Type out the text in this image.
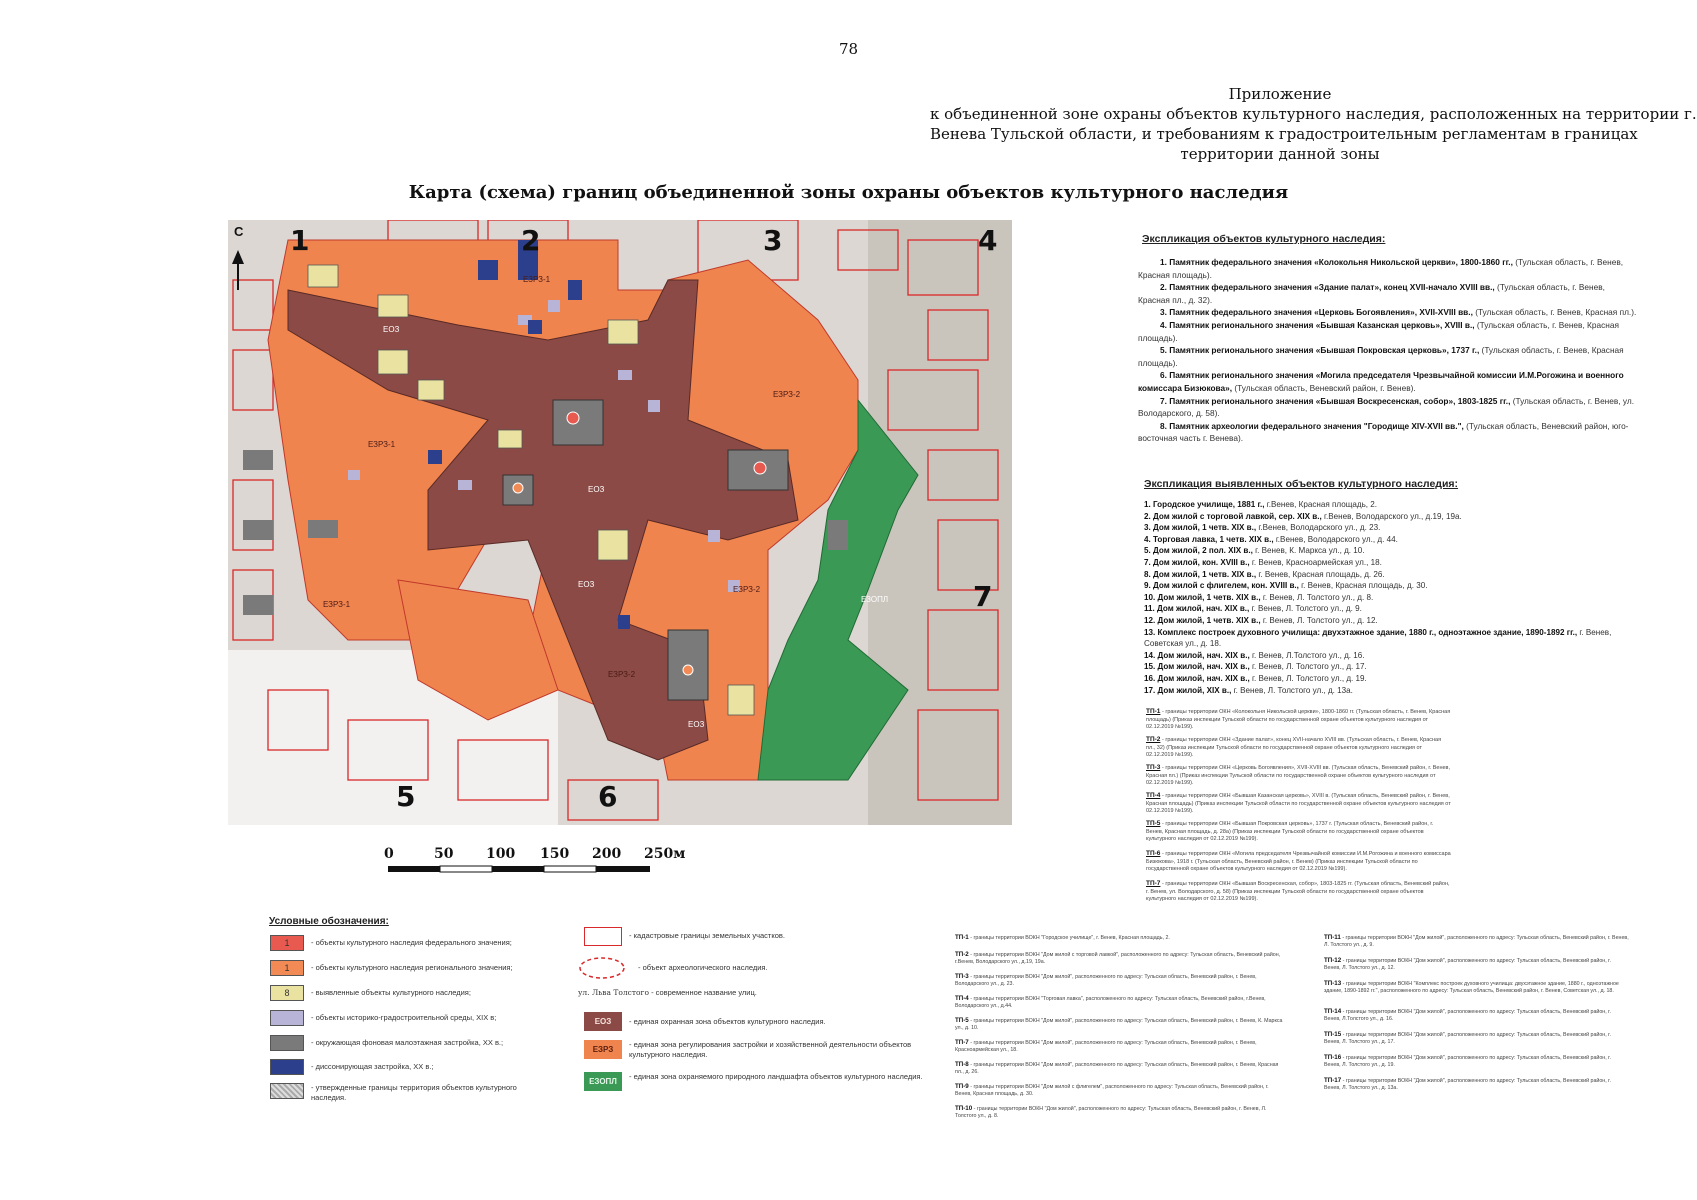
78
Приложение
к объединенной зоне охраны объектов культурного наследия, расположенных на территории г.
Венева Тульской области, и требованиям к градостроительным регламентам в границах
территории данной зоны
Карта (схема) границ объединенной зоны охраны объектов культурного наследия
С 1	2	3	4
5	6
7
ЕЗРЗ-1
ЕЗРЗ-1
ЕЗРЗ-1
ЕЗРЗ-2
ЕЗРЗ-2
ЕЗРЗ-2
ЕОЗ
ЕОЗ
ЕОЗ
ЕОЗ
ЕЗОПЛ
0	50 100 150 200 250м
Условные обозначения:
1	- объекты культурного наследия федерального значения;
1	- объекты культурного наследия регионального значения;
8	- выявленные объекты культурного наследия;
- объекты историко-градостроительной среды, XIX в;
- окружающая фоновая малоэтажная застройка, XX в.;
- диссонирующая застройка, XX в.;
- утвержденные границы территория объектов культурного наследия.
- кадастровые границы земельных участков.
- объект археологического наследия.
ул. Льва Толстого - современное название улиц.
ЕОЗ	- единая охранная зона объектов культурного наследия.
ЕЗРЗ
- единая зона регулирования застройки и хозяйственной деятельности объектов культурного наследия.
ЕЗОПЛ
- единая зона охраняемого природного ландшафта объектов культурного наследия.
Экспликация объектов культурного наследия:
1. Памятник федерального значения «Колокольня Никольской церкви», 1800-1860 гг., (Тульская область, г. Венев, Красная площадь).
2. Памятник федерального значения «Здание палат», конец XVII-начало XVIII вв., (Тульская область, г. Венев, Красная пл., д. 32).
3. Памятник федерального значения «Церковь Богоявления», XVII-XVIII вв., (Тульская область, г. Венев, Красная пл.).
4. Памятник регионального значения «Бывшая Казанская церковь», XVIII в., (Тульская область, г. Венев, Красная площадь).
5. Памятник регионального значения «Бывшая Покровская церковь», 1737 г., (Тульская область, г. Венев, Красная площадь).
6. Памятник регионального значения «Могила председателя Чрезвычайной комиссии И.М.Рогожина и военного комиссара Бизюкова», (Тульская область, Веневский район, г. Венев).
7. Памятник регионального значения «Бывшая Воскресенская, собор», 1803-1825 гг., (Тульская область, г. Венев, ул. Володарского, д. 58).
8. Памятник археологии федерального значения "Городище XIV-XVII вв.", (Тульская область, Веневский район, юго-восточная часть г. Венева).
Экспликация выявленных объектов культурного наследия:
1. Городское училище, 1881 г., г.Венев, Красная площадь, 2.
2. Дом жилой с торговой лавкой, сер. XIX в., г.Венев, Володарского ул., д.19, 19а.
3. Дом жилой, 1 четв. XIX в., г.Венев, Володарского ул., д. 23.
4. Торговая лавка, 1 четв. XIX в., г.Венев, Володарского ул., д. 44.
5. Дом жилой, 2 пол. XIX в., г. Венев, К. Маркса ул., д. 10.
7. Дом жилой, кон. XVIII в., г. Венев, Красноармейская ул., 18.
8. Дом жилой, 1 четв. XIX в., г. Венев, Красная площадь, д. 26.
9. Дом жилой с флигелем, кон. XVIII в., г. Венев, Красная площадь, д. 30.
10. Дом жилой, 1 четв. XIX в., г. Венев, Л. Толстого ул., д. 8.
11. Дом жилой, нач. XIX в., г. Венев, Л. Толстого ул., д. 9.
12. Дом жилой, 1 четв. XIX в., г. Венев, Л. Толстого ул., д. 12.
13. Комплекс построек духовного училища: двухэтажное здание, 1880 г., одноэтажное здание, 1890-1892 гг., г. Венев, Советская ул., д. 18.
14. Дом жилой, нач. XIX в., г. Венев, Л.Толстого ул., д. 16.
15. Дом жилой, нач. XIX в., г. Венев, Л. Толстого ул., д. 17.
16. Дом жилой, нач. XIX в., г. Венев, Л. Толстого ул., д. 19.
17. Дом жилой, XIX в., г. Венев, Л. Толстого ул., д. 13а.
ТП-1 - границы территории ОКН «Колокольня Никольской церкви», 1800-1860 гг. (Тульская область, г. Венев, Красная площадь) (Приказ инспекции Тульской области по государственной охране объектов культурного наследия от 02.12.2019 №199).
ТП-2 - границы территории ОКН «Здание палат», конец XVII-начало XVIII вв. (Тульская область, г. Венев, Красная пл., 32) (Приказ инспекции Тульской области по государственной охране объектов культурного наследия от 02.12.2019 №199).
ТП-3 - границы территории ОКН «Церковь Богоявления», XVII-XVIII вв. (Тульская область, Веневский район, г. Венев, Красная пл.) (Приказ инспекции Тульской области по государственной охране объектов культурного наследия от 02.12.2019 №199).
ТП-4 - границы территории ОКН «Бывшая Казанская церковь», XVIII в. (Тульская область, Веневский район, г. Венев, Красная площадь) (Приказ инспекции Тульской области по государственной охране объектов культурного наследия от 02.12.2019 №199).
ТП-5 - границы территории ОКН «Бывшая Покровская церковь», 1737 г. (Тульская область, Веневский район, г. Венев, Красная площадь, д. 28а) (Приказ инспекции Тульской области по государственной охране объектов культурного наследия от 02.12.2019 №199).
ТП-6 - границы территории ОКН «Могила председателя Чрезвычайной комиссии И.М.Рогожина и военного комиссара Бизюкова», 1918 г. (Тульская область, Веневский район, г. Венев) (Приказ инспекции Тульской области по государственной охране объектов культурного наследия от 02.12.2019 №199).
ТП-7 - границы территории ОКН «Бывшая Воскресенская, собор», 1803-1825 гг. (Тульская область, Веневский район, г. Венев, ул. Володарского, д. 58) (Приказ инспекции Тульской области по государственной охране объектов культурного наследия от 02.12.2019 №199).
ТП-1 - границы территории ВОКН "Городское училище", г. Венев, Красная площадь, 2.
ТП-2 - границы территории ВОКН "Дом жилой с торговой лавкой", расположенного по адресу: Тульская область, Веневский район, г.Венев, Володарского ул., д.19, 19а.
ТП-3 - границы территории ВОКН "Дом жилой", расположенного по адресу: Тульская область, Веневский район, г. Венев, Володарского ул., д. 23.
ТП-4 - границы территории ВОКН "Торговая лавка", расположенного по адресу: Тульская область, Веневский район, г.Венев, Володарского ул., д.44.
ТП-5 - границы территории ВОКН "Дом жилой", расположенного по адресу: Тульская область, Веневский район, г. Венев, К. Маркса ул., д. 10.
ТП-7 - границы территории ВОКН "Дом жилой", расположенного по адресу: Тульская область, Веневский район, г. Венев, Красноармейская ул., 18.
ТП-8 - границы территории ВОКН "Дом жилой", расположенного по адресу: Тульская область, Веневский район, г. Венев, Красная пл., д. 26.
ТП-9 - границы территории ВОКН "Дом жилой с флигелем", расположенного по адресу: Тульская область, Веневский район, г. Венев, Красная площадь, д. 30.
ТП-10 - границы территории ВОКН "Дом жилой", расположенного по адресу: Тульская область, Веневский район, г. Венев, Л. Толстого ул., д. 8.
ТП-11 - границы территории ВОКН "Дом жилой", расположенного по адресу: Тульская область, Веневский район, г. Венев, Л. Толстого ул., д. 9.
ТП-12 - границы территории ВОКН "Дом жилой", расположенного по адресу: Тульская область, Веневский район, г. Венев, Л. Толстого ул., д. 12.
ТП-13 - границы территории ВОКН "Комплекс построек духовного училища: двухэтажное здание, 1880 г., одноэтажное здание, 1890-1892 гг.", расположенного по адресу: Тульская область, Веневский район, г. Венев, Советская ул., д. 18.
ТП-14 - границы территории ВОКН "Дом жилой", расположенного по адресу: Тульская область, Веневский район, г. Венев, Л.Толстого ул., д. 16.
ТП-15 - границы территории ВОКН "Дом жилой", расположенного по адресу: Тульская область, Веневский район, г. Венев, Л. Толстого ул., д. 17.
ТП-16 - границы территории ВОКН "Дом жилой", расположенного по адресу: Тульская область, Веневский район, г. Венев, Л. Толстого ул., д. 19.
ТП-17 - границы территории ВОКН "Дом жилой", расположенного по адресу: Тульская область, Веневский район, г. Венев, Л. Толстого ул., д. 13а.
